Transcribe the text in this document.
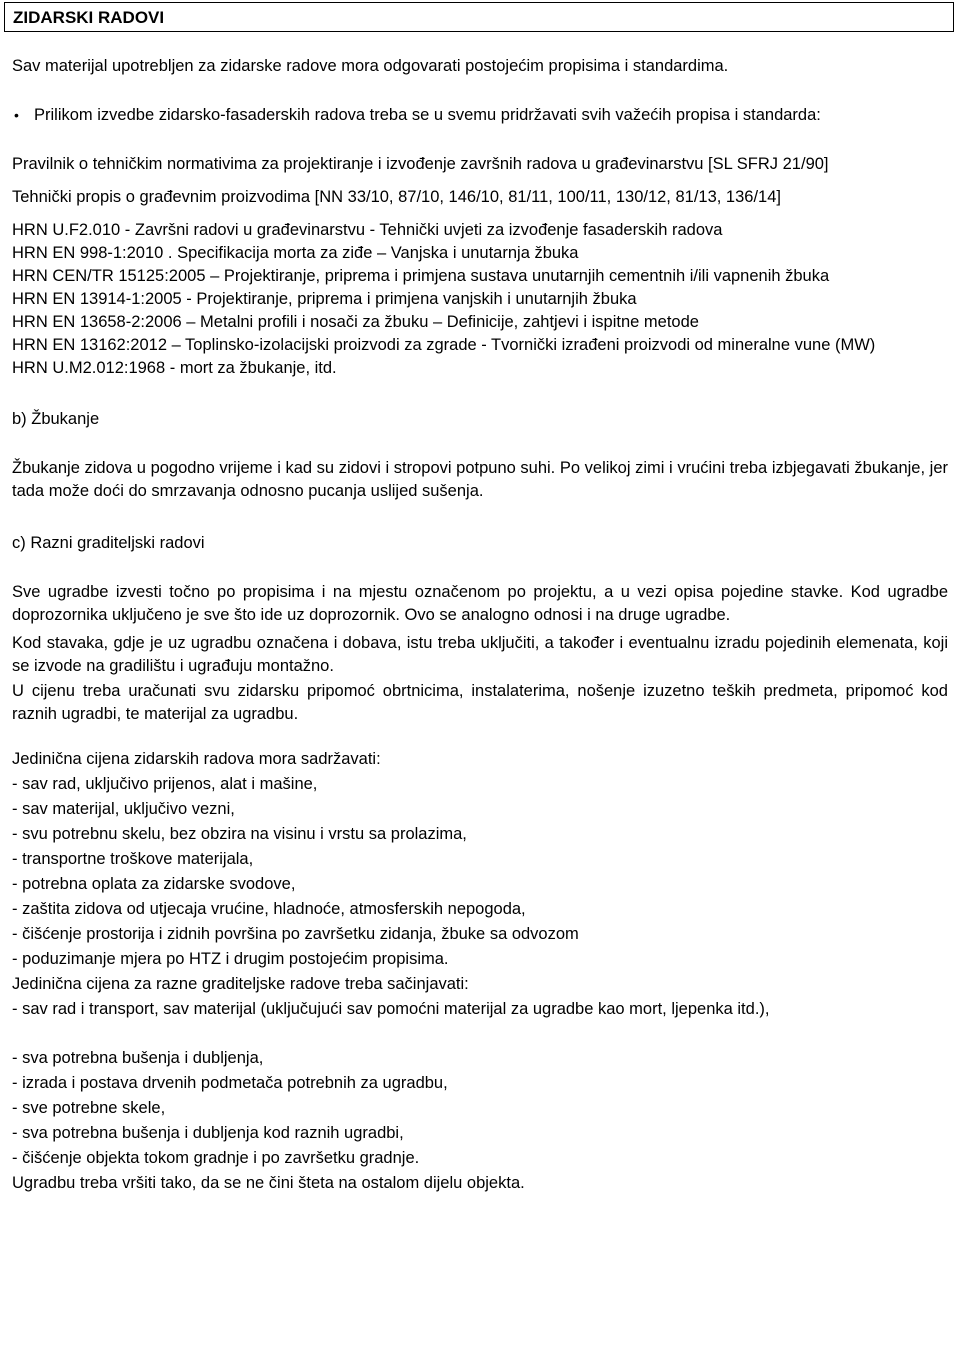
ZIDARSKI RADOVI

Sav materijal upotrebljen za zidarske radove mora odgovarati postojećim propisima i standardima.

• Prilikom izvedbe zidarsko-fasaderskih radova treba se u svemu pridržavati svih važećih propisa i standarda:

Pravilnik o tehničkim normativima za projektiranje i izvođenje završnih radova u građevinarstvu [SL SFRJ 21/90]

Tehnički propis o građevnim proizvodima [NN 33/10, 87/10, 146/10, 81/11, 100/11, 130/12, 81/13, 136/14]

HRN U.F2.010 - Završni radovi u građevinarstvu - Tehnički uvjeti za izvođenje fasaderskih radova

HRN EN 998-1:2010 . Specifikacija morta za ziđe – Vanjska i unutarnja žbuka

HRN CEN/TR 15125:2005 – Projektiranje, priprema i primjena sustava unutarnjih cementnih i/ili vapnenih žbuka

HRN EN 13914-1:2005 - Projektiranje, priprema i primjena vanjskih i unutarnjih žbuka

HRN EN 13658-2:2006 – Metalni profili i nosači za žbuku – Definicije, zahtjevi i ispitne metode

HRN EN 13162:2012 – Toplinsko-izolacijski proizvodi za zgrade - Tvornički izrađeni proizvodi od mineralne vune (MW)

HRN U.M2.012:1968 - mort za žbukanje, itd.

b) Žbukanje

Žbukanje zidova u pogodno vrijeme i kad su zidovi i stropovi potpuno suhi. Po velikoj zimi i vrućini treba izbjegavati žbukanje, jer tada može doći do smrzavanja odnosno pucanja uslijed sušenja.

c) Razni graditeljski radovi

Sve ugradbe izvesti točno po propisima i na mjestu označenom po projektu, a u vezi opisa pojedine stavke. Kod ugradbe doprozornika uključeno je sve što ide uz doprozornik. Ovo se analogno odnosi i na druge ugradbe.

Kod stavaka, gdje je uz ugradbu označena i dobava, istu treba uključiti, a također i eventualnu izradu pojedinih elemenata, koji se izvode na gradilištu i ugrađuju montažno.

U cijenu treba uračunati svu zidarsku pripomoć obrtnicima, instalaterima, nošenje izuzetno teških predmeta, pripomoć kod raznih ugradbi, te materijal za ugradbu.

Jedinična cijena zidarskih radova mora sadržavati:

- sav rad, uključivo prijenos, alat i mašine,

- sav materijal, uključivo vezni,

- svu potrebnu skelu, bez obzira na visinu i vrstu sa prolazima,

- transportne troškove materijala,

- potrebna oplata za zidarske svodove,

- zaštita zidova od utjecaja vrućine, hladnoće, atmosferskih nepogoda,

- čišćenje prostorija i zidnih površina po završetku zidanja, žbuke sa odvozom

- poduzimanje mjera po HTZ i drugim postojećim propisima.

Jedinična cijena za razne graditeljske radove treba sačinjavati:

- sav rad i transport, sav materijal (uključujući sav pomoćni materijal za ugradbe kao mort, ljepenka itd.),

- sva potrebna bušenja i dubljenja,

- izrada i postava drvenih podmetača potrebnih za ugradbu,

- sve potrebne skele,

- sva potrebna bušenja i dubljenja kod raznih ugradbi,

- čišćenje objekta tokom gradnje i po završetku gradnje.

Ugradbu treba vršiti tako, da se ne čini šteta na ostalom dijelu objekta.
